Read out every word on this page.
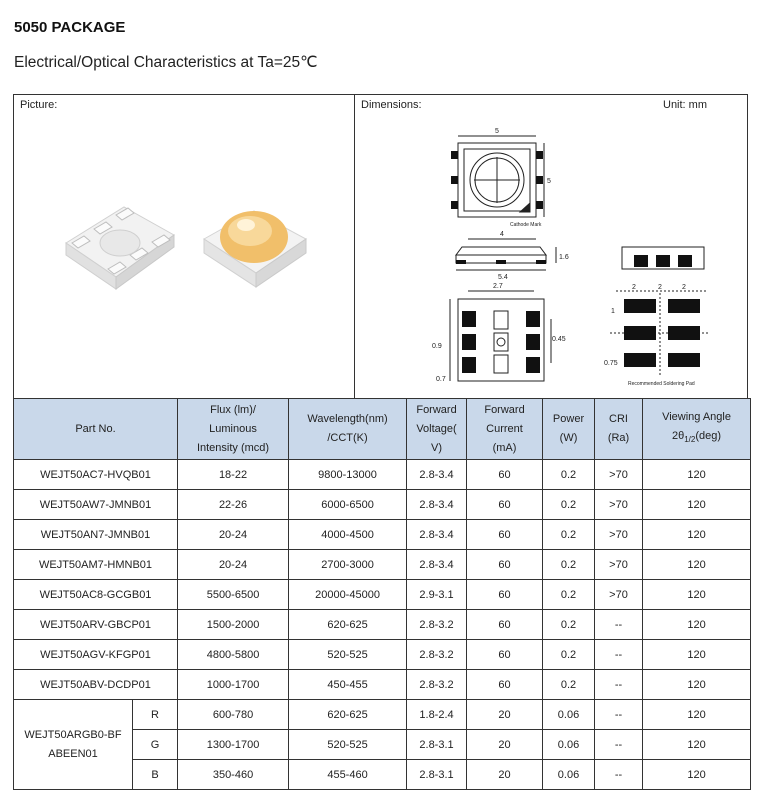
5050 PACKAGE
Electrical/Optical Characteristics at Ta=25℃
Picture:	Dimensions:	Unit: mm
5
5
Cathode Mark
4
5.4
1.6
2.7
0.45
0.9
0.7
2	2	2
1
0.75
Recommended Soldering Pad
Part No.		Flux (lm)/
Luminous
Intensity (mcd)	Wavelength(nm)
/CCT(K)	Forward
Voltage(
V)	Forward
Current
(mA)	Power
(W)	CRI
(Ra)	Viewing Angle
$2\theta_{1/2}(deg)$
WEJT50AC7-HVQB01		18-22	9800-13000	2.8-3.4	60	0.2	>70	120
WEJT50AW7-JMNB01		22-26	6000-6500	2.8-3.4	60	0.2	>70	120
WEJT50AN7-JMNB01		20-24	4000-4500	2.8-3.4	60	0.2	>70	120
WEJT50AM7-HMNB01		20-24	2700-3000	2.8-3.4	60	0.2	>70	120
WEJT50AC8-GCGB01		5500-6500	20000-45000	2.9-3.1	60	0.2	>70	120
WEJT50ARV-GBCP01		1500-2000	620-625	2.8-3.2	60	0.2	--	120
WEJT50AGV-KFGP01		4800-5800	520-525	2.8-3.2	60	0.2	--	120
WEJT50ABV-DCDP01		1000-1700	450-455	2.8-3.2	60	0.2	--	120
WEJT50ARGB0-BF
ABEEN01	R	600-780	620-625	1.8-2.4	20	0.06	--	120
	G	1300-1700	520-525	2.8-3.1	20	0.06	--	120
	B	350-460	455-460	2.8-3.1	20	0.06	--	120
